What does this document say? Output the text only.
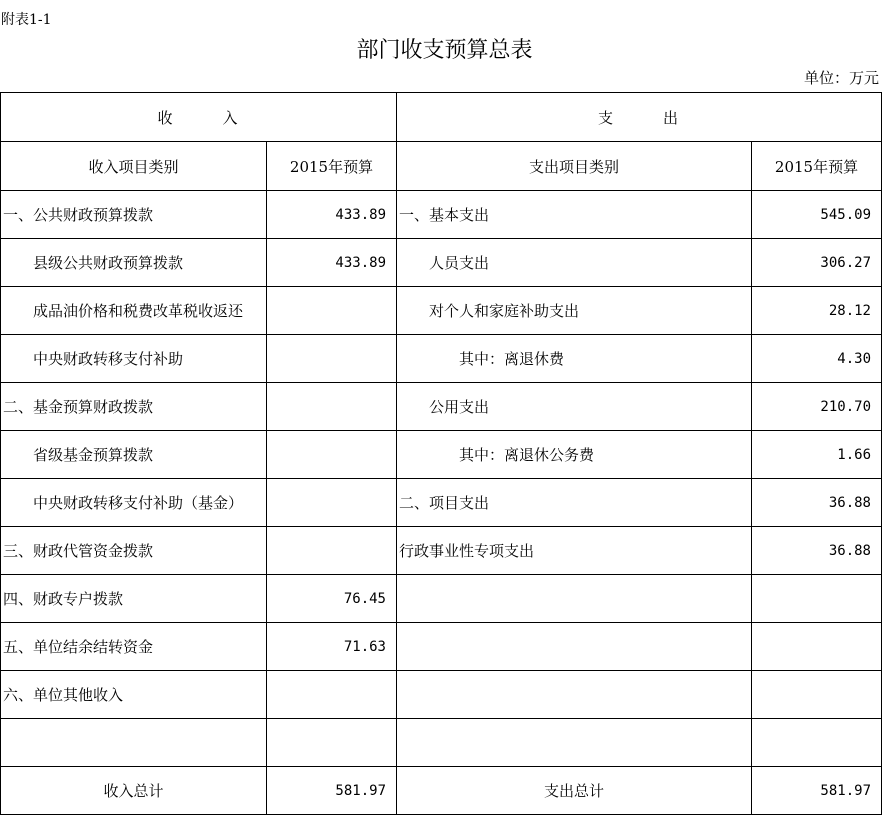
附表1-1
部门收支预算总表
单位：万元
收 入		支 出	
收入项目类别	2015年预算	支出项目类别	2015年预算
一、公共财政预算拨款	433.89	一、基本支出	545.09
县级公共财政预算拨款	433.89	人员支出	306.27
成品油价格和税费改革税收返还		对个人和家庭补助支出	28.12
中央财政转移支付补助		其中：离退休费	4.30
二、基金预算财政拨款		公用支出	210.70
省级基金预算拨款		其中：离退休公务费	1.66
中央财政转移支付补助（基金）		二、项目支出	36.88
三、财政代管资金拨款		行政事业性专项支出	36.88
四、财政专户拨款	76.45		
五、单位结余结转资金	71.63		
六、单位其他收入			

收入总计	581.97	支出总计	581.97
